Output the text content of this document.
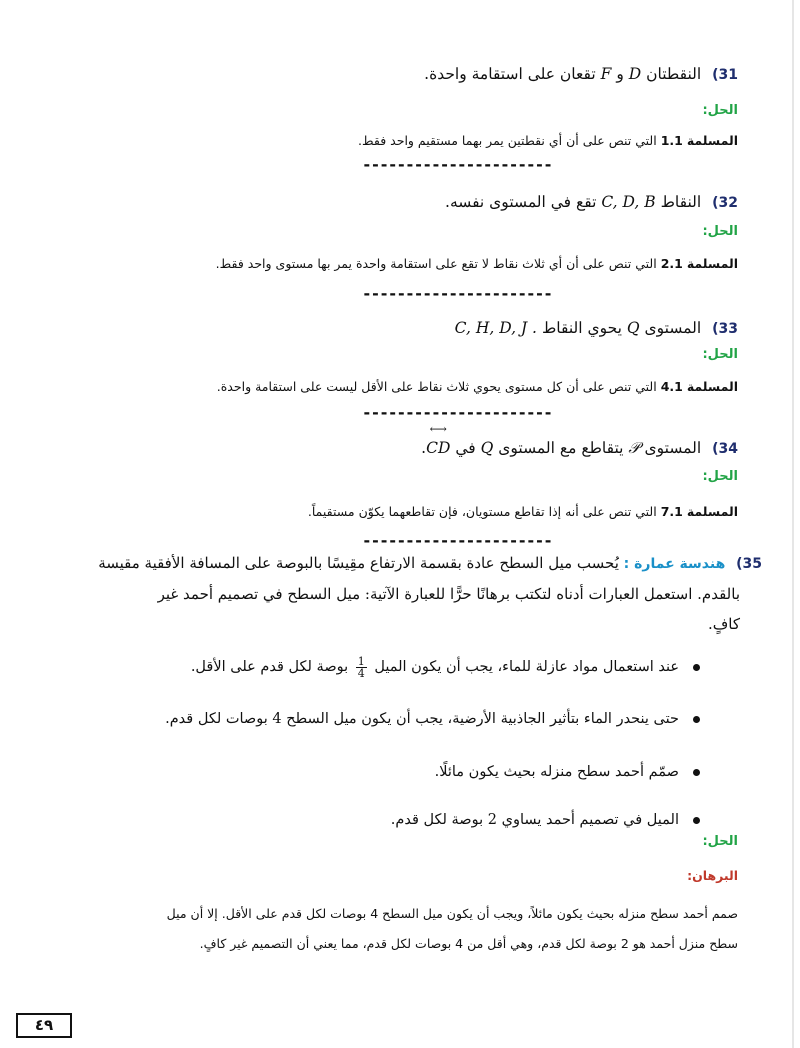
31) النقطتان D و F تقعان على استقامة واحدة.
الحل:
المسلمة 1.1 التي تنص على أن أي نقطتين يمر بهما مستقيم واحد فقط.
----------------------
32) النقاط C, D, B تقع في المستوى نفسه.
الحل:
المسلمة 2.1 التي تنص على أن أي ثلاث نقاط لا تقع على استقامة واحدة يمر بها مستوى واحد فقط.
----------------------
33) المستوى Q يحوي النقاط C, H, D, J .
الحل:
المسلمة 4.1 التي تنص على أن كل مستوى يحوي ثلاث نقاط على الأقل ليست على استقامة واحدة.
----------------------
34) المستوى 𝒫 يتقاطع مع المستوى Q في
⟷
CD.
الحل:
المسلمة 7.1 التي تنص على أنه إذا تقاطع مستويان، فإن تقاطعهما يكوّن مستقيماً.
----------------------
35) هندسة عمارة : يُحسب ميل السطح عادة بقسمة الارتفاع مقِيسًا بالبوصة على المسافة الأفقية مقيسة
بالقدم. استعمل العبارات أدناه لتكتب برهانًا حرًّا للعبارة الآتية: ميل السطح في تصميم أحمد غير
كافٍ.
عند استعمال مواد عازلة للماء، يجب أن يكون الميل
$\frac{1}{4}$
بوصة لكل قدم على الأقل.
حتى ينحدر الماء بتأثير الجاذبية الأرضية، يجب أن يكون ميل السطح 4 بوصات لكل قدم.
صمّم أحمد سطح منزله بحيث يكون مائلًا.
الميل في تصميم أحمد يساوي 2 بوصة لكل قدم.
الحل:
البرهان:
صمم أحمد سطح منزله بحيث يكون مائلاً، ويجب أن يكون ميل السطح 4 بوصات لكل قدم على الأقل. إلا أن ميل
سطح منزل أحمد هو 2 بوصة لكل قدم، وهي أقل من 4 بوصات لكل قدم، مما يعني أن التصميم غير كافٍ.
٤٩
